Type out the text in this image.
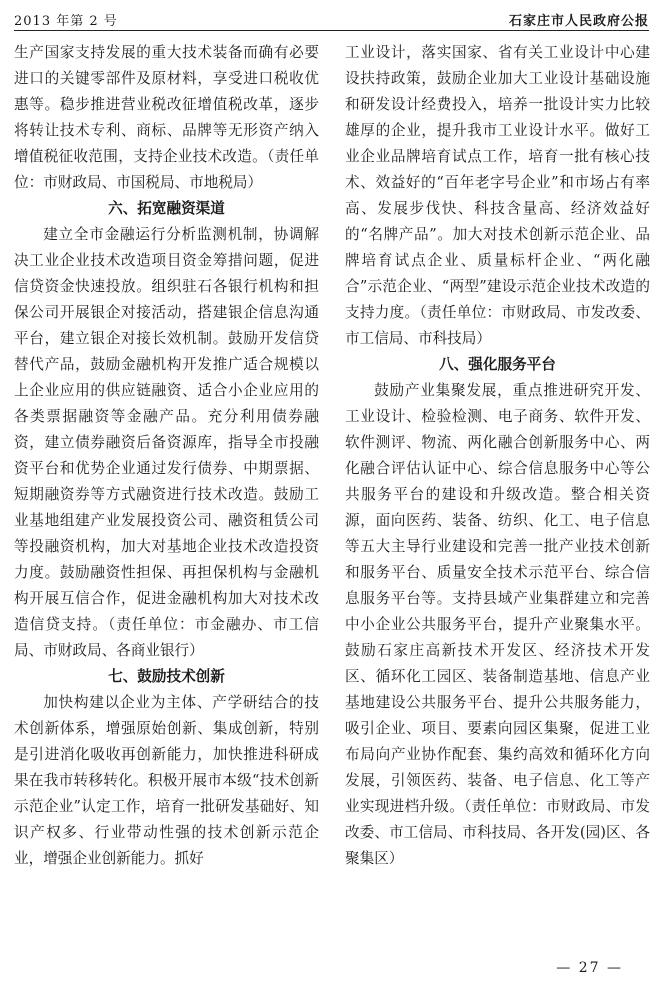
2013 年第 2 号	石家庄市人民政府公报

生产国家支持发展的重大技术装备而确有必要进口的关键零部件及原材料，享受进口税收优惠等。稳步推进营业税改征增值税改革，逐步将转让技术专利、商标、品牌等无形资产纳入增值税征收范围，支持企业技术改造。（责任单位：市财政局、市国税局、市地税局）

六、拓宽融资渠道

建立全市金融运行分析监测机制，协调解决工业企业技术改造项目资金筹措问题，促进信贷资金快速投放。组织驻石各银行机构和担保公司开展银企对接活动，搭建银企信息沟通平台，建立银企对接长效机制。鼓励开发信贷替代产品，鼓励金融机构开发推广适合规模以上企业应用的供应链融资、适合小企业应用的各类票据融资等金融产品。充分利用债券融资，建立债券融资后备资源库，指导全市投融资平台和优势企业通过发行债券、中期票据、短期融资券等方式融资进行技术改造。鼓励工业基地组建产业发展投资公司、融资租赁公司等投融资机构，加大对基地企业技术改造投资力度。鼓励融资性担保、再担保机构与金融机构开展互信合作，促进金融机构加大对技术改造信贷支持。（责任单位：市金融办、市工信局、市财政局、各商业银行）

七、鼓励技术创新

加快构建以企业为主体、产学研结合的技术创新体系，增强原始创新、集成创新，特别是引进消化吸收再创新能力，加快推进科研成果在我市转移转化。积极开展市本级“技术创新示范企业”认定工作，培育一批研发基础好、知识产权多、行业带动性强的技术创新示范企业，增强企业创新能力。抓好

工业设计，落实国家、省有关工业设计中心建设扶持政策，鼓励企业加大工业设计基础设施和研发设计经费投入，培养一批设计实力比较雄厚的企业，提升我市工业设计水平。做好工业企业品牌培育试点工作，培育一批有核心技术、效益好的“百年老字号企业”和市场占有率高、发展步伐快、科技含量高、经济效益好的“名牌产品”。加大对技术创新示范企业、品牌培育试点企业、质量标杆企业、“两化融合”示范企业、“两型”建设示范企业技术改造的支持力度。（责任单位：市财政局、市发改委、市工信局、市科技局）

八、强化服务平台

鼓励产业集聚发展，重点推进研究开发、工业设计、检验检测、电子商务、软件开发、软件测评、物流、两化融合创新服务中心、两化融合评估认证中心、综合信息服务中心等公共服务平台的建设和升级改造。整合相关资源，面向医药、装备、纺织、化工、电子信息等五大主导行业建设和完善一批产业技术创新和服务平台、质量安全技术示范平台、综合信息服务平台等。支持县域产业集群建立和完善中小企业公共服务平台，提升产业聚集水平。鼓励石家庄高新技术开发区、经济技术开发区、循环化工园区、装备制造基地、信息产业基地建设公共服务平台、提升公共服务能力，吸引企业、项目、要素向园区集聚，促进工业布局向产业协作配套、集约高效和循环化方向发展，引领医药、装备、电子信息、化工等产业实现进档升级。（责任单位：市财政局、市发改委、市工信局、市科技局、各开发(园)区、各聚集区）

— 27 —
